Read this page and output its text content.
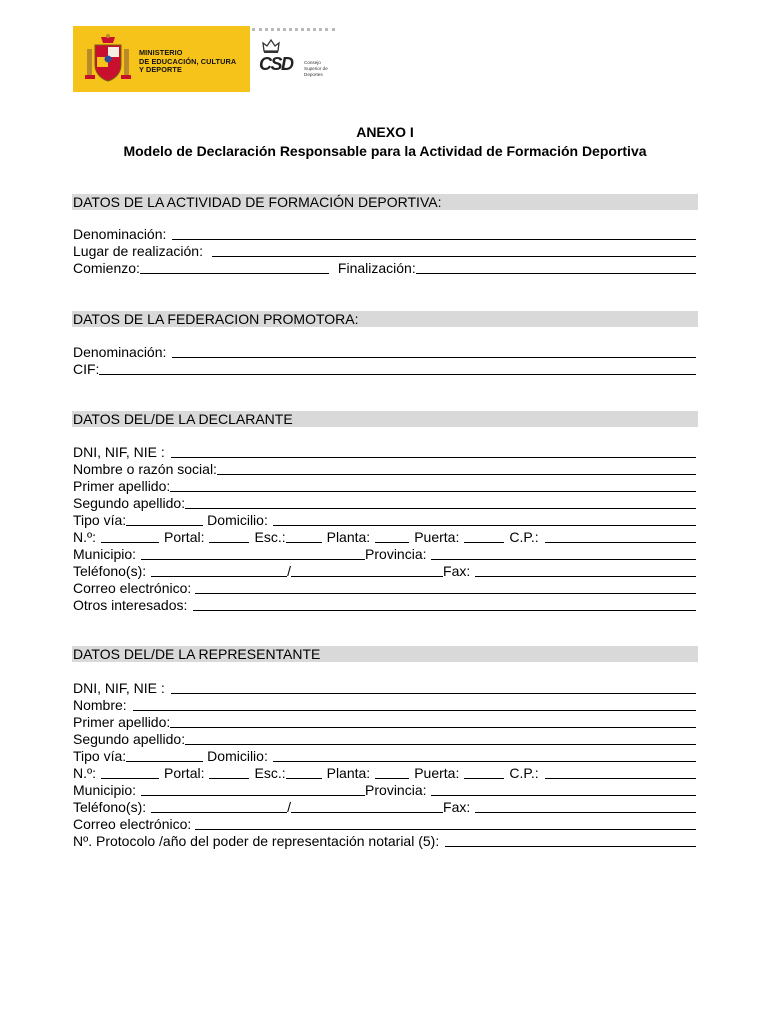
MINISTERIO
DE EDUCACIÓN, CULTURA
Y DEPORTE	CSD Consejo
Superior de
Deportes
ANEXO I
Modelo de Declaración Responsable para la Actividad de Formación Deportiva
DATOS DE LA ACTIVIDAD DE FORMACIÓN DEPORTIVA:
Denominación:
Lugar de realización:
Comienzo:	Finalización:
DATOS DE LA FEDERACION PROMOTORA:
Denominación:
CIF:
DATOS DEL/DE LA DECLARANTE
DNI, NIF, NIE :
Nombre o razón social:
Primer apellido:
Segundo apellido:
Tipo vía:	Domicilio:
N.º:	Portal:	Esc.:	Planta:	Puerta:	C.P.:
Municipio:	Provincia:
Teléfono(s):	/	Fax:
Correo electrónico:
Otros interesados:
DATOS DEL/DE LA REPRESENTANTE
DNI, NIF, NIE :
Nombre:
Primer apellido:
Segundo apellido:
Tipo vía:	Domicilio:
N.º:	Portal:	Esc.:	Planta:	Puerta:	C.P.:
Municipio:	Provincia:
Teléfono(s):	/	Fax:
Correo electrónico:
Nº. Protocolo /año del poder de representación notarial (5):
